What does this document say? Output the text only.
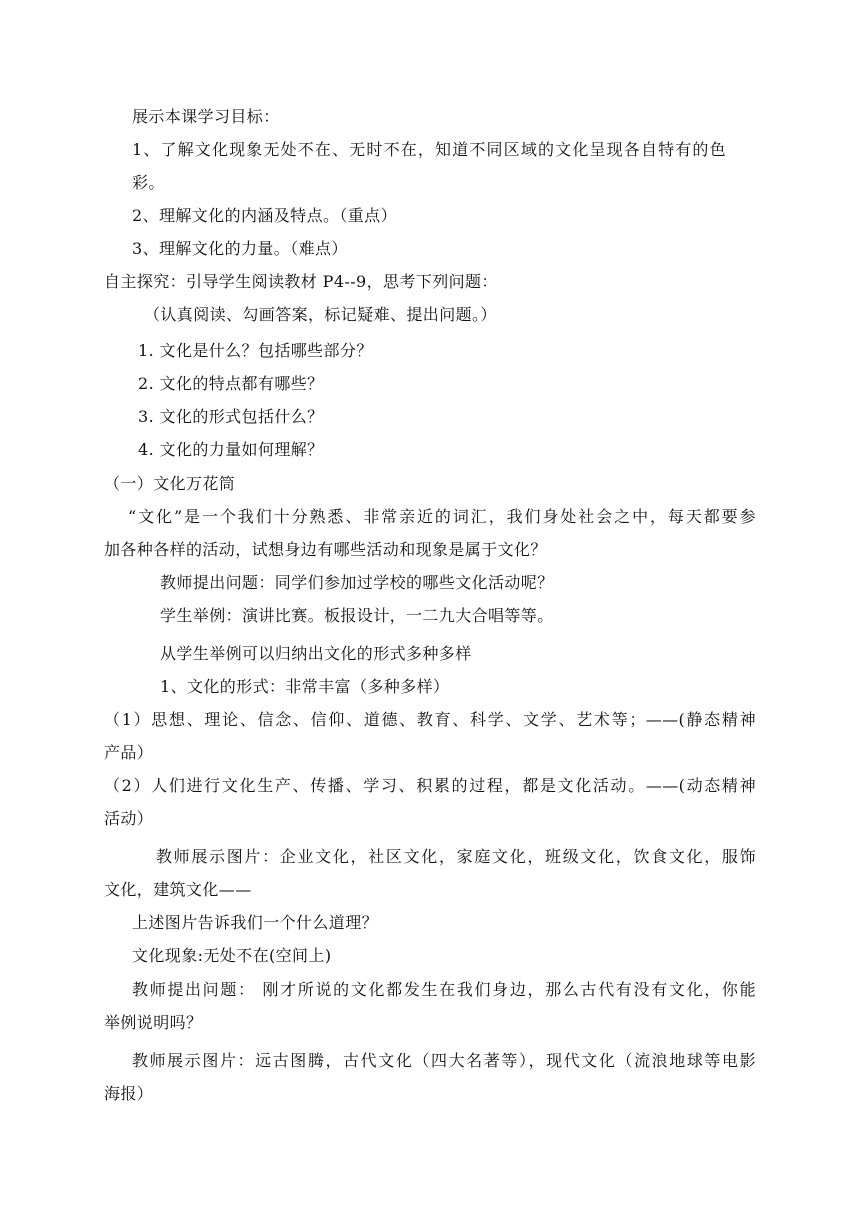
展示本课学习目标：
1、了解文化现象无处不在、无时不在，知道不同区域的文化呈现各自特有的色
彩。
2、理解文化的内涵及特点。（重点）
3、理解文化的力量。（难点）
自主探究：引导学生阅读教材 P4--9，思考下列问题：
（认真阅读、勾画答案，标记疑难、提出问题。）
1. 文化是什么？包括哪些部分？
2. 文化的特点都有哪些？
3. 文化的形式包括什么？
4. 文化的力量如何理解？
（一）文化万花筒
“文化”是一个我们十分熟悉、非常亲近的词汇，我们身处社会之中，每天都要参
加各种各样的活动，试想身边有哪些活动和现象是属于文化？
教师提出问题：同学们参加过学校的哪些文化活动呢？
学生举例：演讲比赛。板报设计，一二九大合唱等等。
从学生举例可以归纳出文化的形式多种多样
1、文化的形式：非常丰富（多种多样）
（1）思想、理论、信念、信仰、道德、教育、科学、文学、艺术等；——(静态精神
产品）
（2）人们进行文化生产、传播、学习、积累的过程，都是文化活动。——(动态精神
活动）
教师展示图片：企业文化，社区文化，家庭文化，班级文化，饮食文化，服饰
文化，建筑文化——
上述图片告诉我们一个什么道理？
文化现象:无处不在(空间上)
教师提出问题： 刚才所说的文化都发生在我们身边，那么古代有没有文化，你能
举例说明吗？
教师展示图片：远古图腾，古代文化（四大名著等），现代文化（流浪地球等电影
海报）
